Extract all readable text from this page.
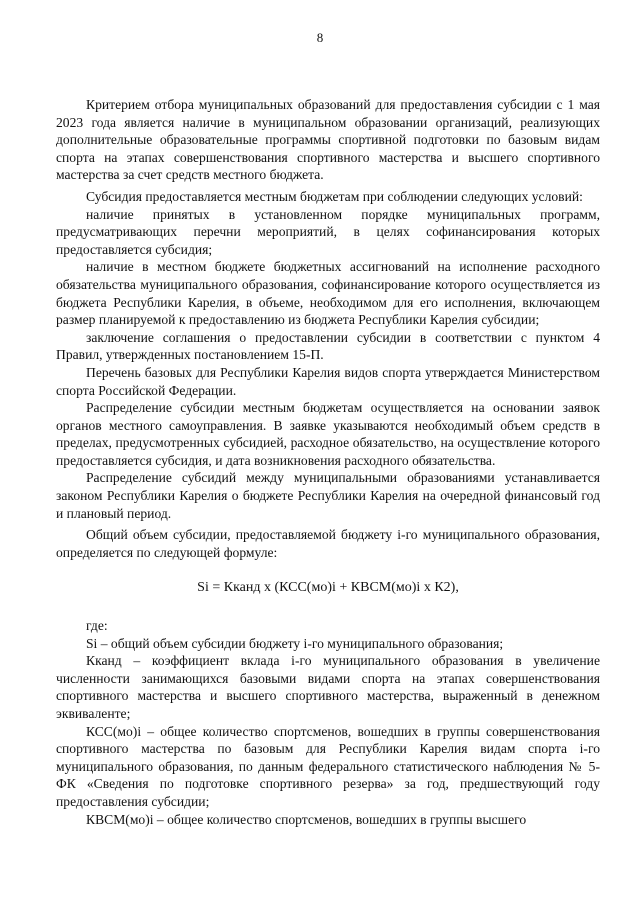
8

Критерием отбора муниципальных образований для предоставления субсидии с 1 мая 2023 года является наличие в муниципальном образовании организаций, реализующих дополнительные образовательные программы спортивной подготовки по базовым видам спорта на этапах совершенствования спортивного мастерства и высшего спортивного мастерства за счет средств местного бюджета.

Субсидия предоставляется местным бюджетам при соблюдении следующих условий:

наличие принятых в установленном порядке муниципальных программ, предусматривающих перечни мероприятий, в целях софинансирования которых предоставляется субсидия;

наличие в местном бюджете бюджетных ассигнований на исполнение расходного обязательства муниципального образования, софинансирование которого осуществляется из бюджета Республики Карелия, в объеме, необходимом для его исполнения, включающем размер планируемой к предоставлению из бюджета Республики Карелия субсидии;

заключение соглашения о предоставлении субсидии в соответствии с пунктом 4 Правил, утвержденных постановлением 15-П.

Перечень базовых для Республики Карелия видов спорта утверждается Министерством спорта Российской Федерации.

Распределение субсидии местным бюджетам осуществляется на основании заявок органов местного самоуправления. В заявке указываются необходимый объем средств в пределах, предусмотренных субсидией, расходное обязательство, на осуществление которого предоставляется субсидия, и дата возникновения расходного обязательства.

Распределение субсидий между муниципальными образованиями устанавливается законом Республики Карелия о бюджете Республики Карелия на очередной финансовый год и плановый период.

Общий объем субсидии, предоставляемой бюджету i-го муниципального образования, определяется по следующей формуле:

Si = Кканд x (КСС(мо)i + КВСМ(мо)i x К2),

где:

Si – общий объем субсидии бюджету i-го муниципального образования;

Кканд – коэффициент вклада i-го муниципального образования в увеличение численности занимающихся базовыми видами спорта на этапах совершенствования спортивного мастерства и высшего спортивного мастерства, выраженный в денежном эквиваленте;

КСС(мо)i – общее количество спортсменов, вошедших в группы совершенствования спортивного мастерства по базовым для Республики Карелия видам спорта i-го муниципального образования, по данным федерального статистического наблюдения № 5-ФК «Сведения по подготовке спортивного резерва» за год, предшествующий году предоставления субсидии;

КВСМ(мо)i – общее количество спортсменов, вошедших в группы высшего
